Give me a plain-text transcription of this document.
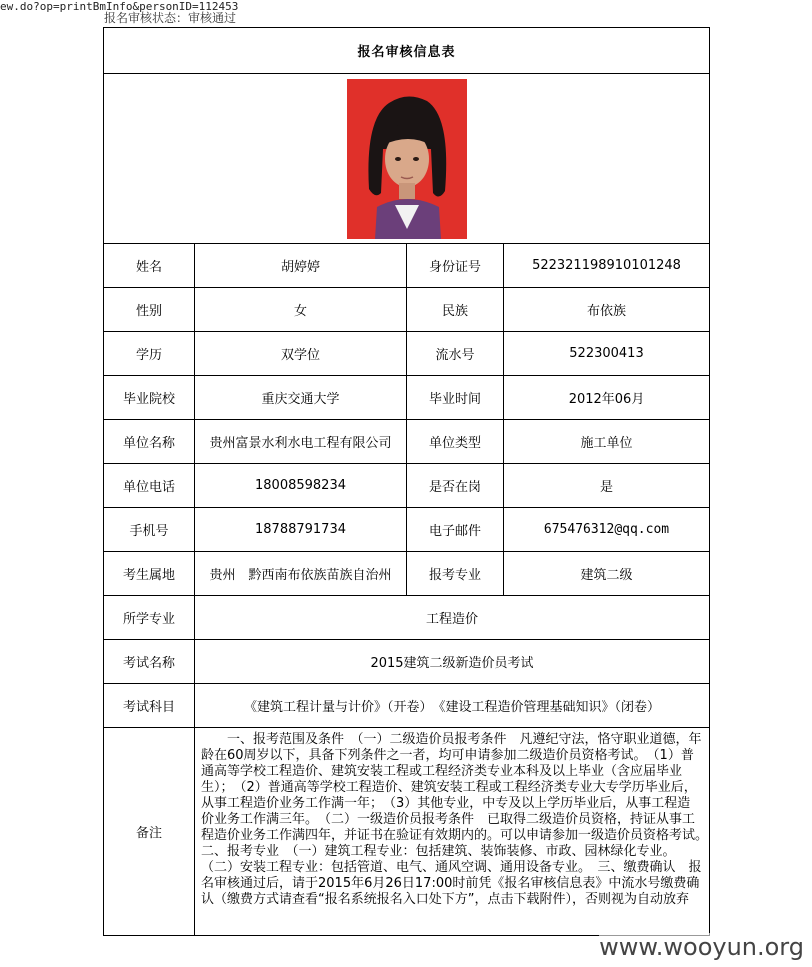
ew.do?op=printBmInfo&personID=112453
报名审核状态：审核通过
报名审核信息表			

姓名	胡婷婷	身份证号	522321198910101248
性别	女	民族	布依族
学历	双学位	流水号	522300413
毕业院校	重庆交通大学	毕业时间	2012年06月
单位名称	贵州富景水利水电工程有限公司	单位类型	施工单位
单位电话	18008598234	是否在岗	是
手机号	18788791734	电子邮件	675476312@qq.com
考生属地	贵州　黔西南布依族苗族自治州	报考专业	建筑二级
所学专业	工程造价		
考试名称	2015建筑二级新造价员考试		
考试科目	《建筑工程计量与计价》（开卷）　《建设工程造价管理基础知识》（闭卷）		
备注	一、报考范围及条件　（一）二级造价员报考条件　凡遵纪守法，恪守职业道德，年龄在60周岁以下，具备下列条件之一者，均可申请参加二级造价员资格考试。　（1）普通高等学校工程造价、建筑安装工程或工程经济类专业本科及以上毕业（含应届毕业生）；　（2）普通高等学校工程造价、建筑安装工程或工程经济类专业大专学历毕业后，从事工程造价业务工作满一年；　（3）其他专业，中专及以上学历毕业后，从事工程造价业务工作满三年。　（二）一级造价员报考条件　已取得二级造价员资格，持证从事工程造价业务工作满四年，并证书在验证有效期内的。可以申请参加一级造价员资格考试。　二、报考专业　（一）建筑工程专业：包括建筑、装饰装修、市政、园林绿化专业。　（二）安装工程专业：包括管道、电气、通风空调、通用设备专业。　三、缴费确认　报名审核通过后，请于2015年6月26日17:00时前凭《报名审核信息表》中流水号缴费确认（缴费方式请查看“报名系统报名入口处下方”，点击下载附件），否则视为自动放弃		
www.wooyun.org
